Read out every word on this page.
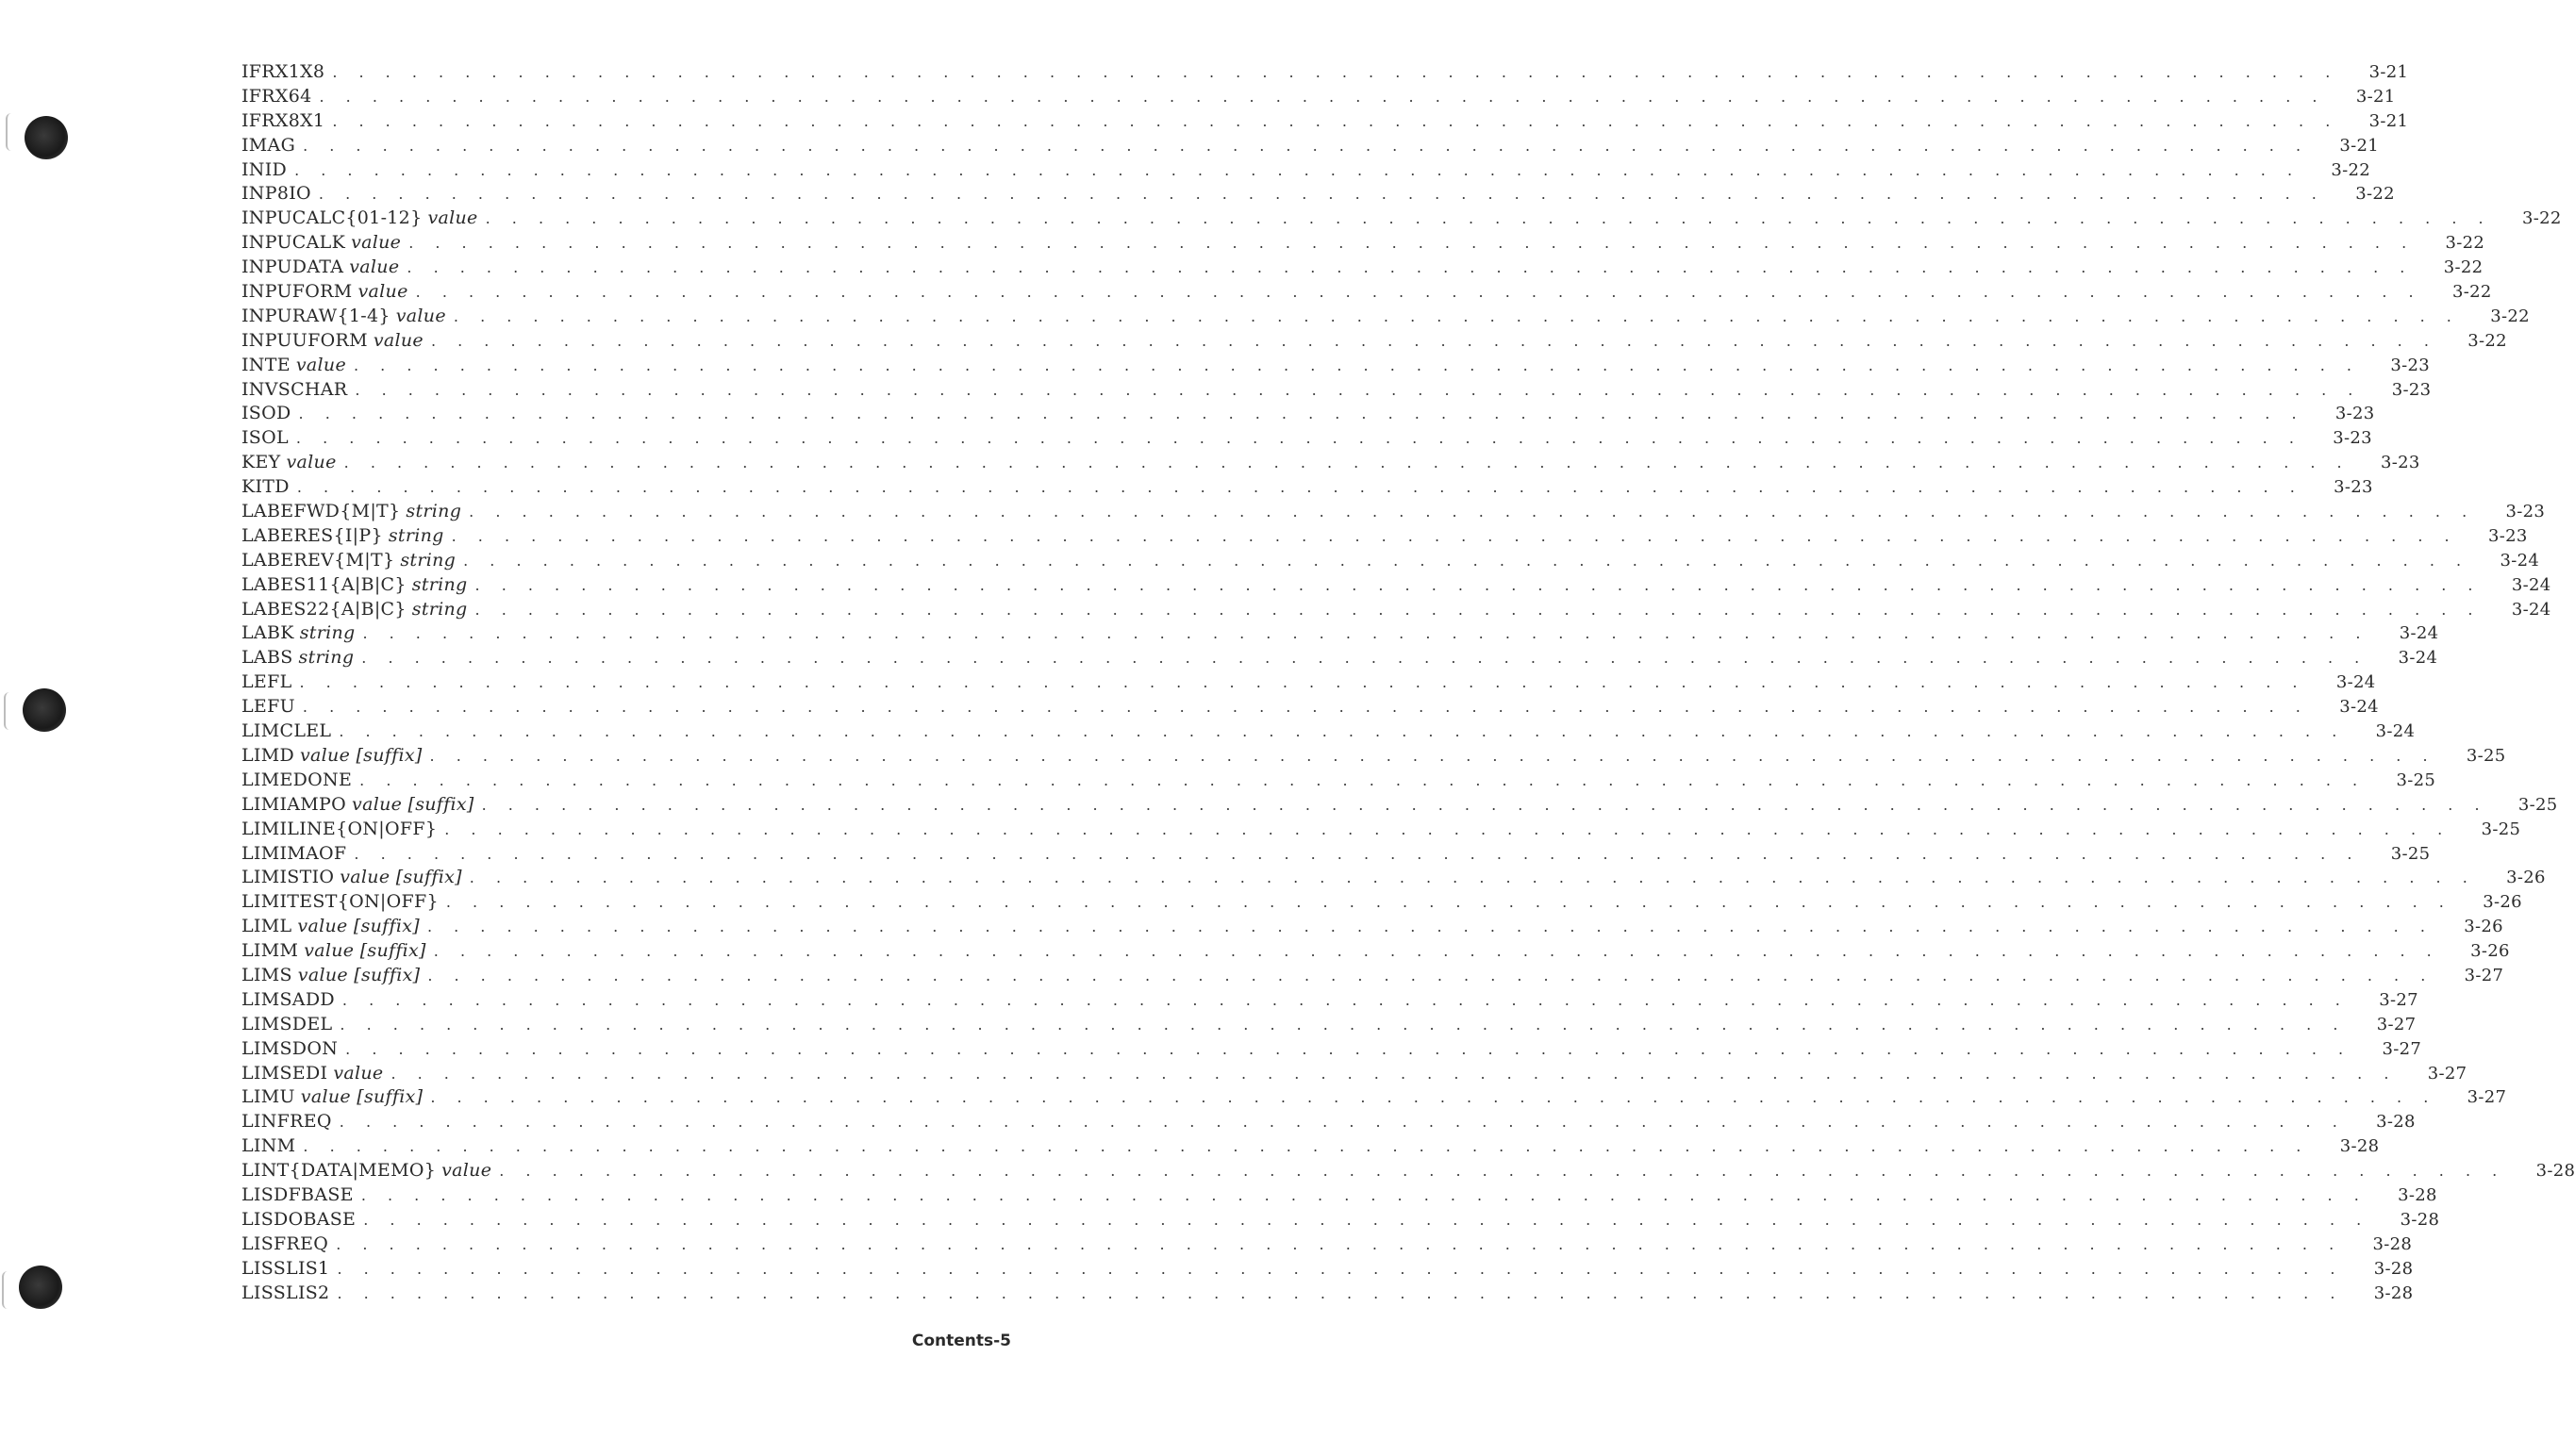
IFRX1X8 . . . . . . . . . . . . . . . . . . . . . . . . . . . . . . . . . . . . . . . . . . . . . . . . . . . . . . . . . . . . . . . . . . . . . . . . . . . . 3-21
IFRX64 . . . . . . . . . . . . . . . . . . . . . . . . . . . . . . . . . . . . . . . . . . . . . . . . . . . . . . . . . . . . . . . . . . . . . . . . . . . . 3-21
IFRX8X1 . . . . . . . . . . . . . . . . . . . . . . . . . . . . . . . . . . . . . . . . . . . . . . . . . . . . . . . . . . . . . . . . . . . . . . . . . . . . 3-21
IMAG . . . . . . . . . . . . . . . . . . . . . . . . . . . . . . . . . . . . . . . . . . . . . . . . . . . . . . . . . . . . . . . . . . . . . . . . . . . . 3-21
INID . . . . . . . . . . . . . . . . . . . . . . . . . . . . . . . . . . . . . . . . . . . . . . . . . . . . . . . . . . . . . . . . . . . . . . . . . . . . 3-22
INP8IO . . . . . . . . . . . . . . . . . . . . . . . . . . . . . . . . . . . . . . . . . . . . . . . . . . . . . . . . . . . . . . . . . . . . . . . . . . . . 3-22
INPUCALC{01-12} value . . . . . . . . . . . . . . . . . . . . . . . . . . . . . . . . . . . . . . . . . . . . . . . . . . . . . . . . . . . . . . . . . . . . . . . . . . . . 3-22
INPUCALK value . . . . . . . . . . . . . . . . . . . . . . . . . . . . . . . . . . . . . . . . . . . . . . . . . . . . . . . . . . . . . . . . . . . . . . . . . . . . 3-22
INPUDATA value . . . . . . . . . . . . . . . . . . . . . . . . . . . . . . . . . . . . . . . . . . . . . . . . . . . . . . . . . . . . . . . . . . . . . . . . . . . . 3-22
INPUFORM value . . . . . . . . . . . . . . . . . . . . . . . . . . . . . . . . . . . . . . . . . . . . . . . . . . . . . . . . . . . . . . . . . . . . . . . . . . . . 3-22
INPURAW{1-4} value . . . . . . . . . . . . . . . . . . . . . . . . . . . . . . . . . . . . . . . . . . . . . . . . . . . . . . . . . . . . . . . . . . . . . . . . . . . . 3-22
INPUUFORM value . . . . . . . . . . . . . . . . . . . . . . . . . . . . . . . . . . . . . . . . . . . . . . . . . . . . . . . . . . . . . . . . . . . . . . . . . . . . 3-22
INTE value . . . . . . . . . . . . . . . . . . . . . . . . . . . . . . . . . . . . . . . . . . . . . . . . . . . . . . . . . . . . . . . . . . . . . . . . . . . . 3-23
INVSCHAR . . . . . . . . . . . . . . . . . . . . . . . . . . . . . . . . . . . . . . . . . . . . . . . . . . . . . . . . . . . . . . . . . . . . . . . . . . . . 3-23
ISOD . . . . . . . . . . . . . . . . . . . . . . . . . . . . . . . . . . . . . . . . . . . . . . . . . . . . . . . . . . . . . . . . . . . . . . . . . . . . 3-23
ISOL . . . . . . . . . . . . . . . . . . . . . . . . . . . . . . . . . . . . . . . . . . . . . . . . . . . . . . . . . . . . . . . . . . . . . . . . . . . . 3-23
KEY value . . . . . . . . . . . . . . . . . . . . . . . . . . . . . . . . . . . . . . . . . . . . . . . . . . . . . . . . . . . . . . . . . . . . . . . . . . . . 3-23
KITD . . . . . . . . . . . . . . . . . . . . . . . . . . . . . . . . . . . . . . . . . . . . . . . . . . . . . . . . . . . . . . . . . . . . . . . . . . . . 3-23
LABEFWD{M|T} string . . . . . . . . . . . . . . . . . . . . . . . . . . . . . . . . . . . . . . . . . . . . . . . . . . . . . . . . . . . . . . . . . . . . . . . . . . . . 3-23
LABERES{I|P} string . . . . . . . . . . . . . . . . . . . . . . . . . . . . . . . . . . . . . . . . . . . . . . . . . . . . . . . . . . . . . . . . . . . . . . . . . . . . 3-23
LABEREV{M|T} string . . . . . . . . . . . . . . . . . . . . . . . . . . . . . . . . . . . . . . . . . . . . . . . . . . . . . . . . . . . . . . . . . . . . . . . . . . . . 3-24
LABES11{A|B|C} string . . . . . . . . . . . . . . . . . . . . . . . . . . . . . . . . . . . . . . . . . . . . . . . . . . . . . . . . . . . . . . . . . . . . . . . . . . . . 3-24
LABES22{A|B|C} string . . . . . . . . . . . . . . . . . . . . . . . . . . . . . . . . . . . . . . . . . . . . . . . . . . . . . . . . . . . . . . . . . . . . . . . . . . . . 3-24
LABK string . . . . . . . . . . . . . . . . . . . . . . . . . . . . . . . . . . . . . . . . . . . . . . . . . . . . . . . . . . . . . . . . . . . . . . . . . . . . 3-24
LABS string . . . . . . . . . . . . . . . . . . . . . . . . . . . . . . . . . . . . . . . . . . . . . . . . . . . . . . . . . . . . . . . . . . . . . . . . . . . . 3-24
LEFL . . . . . . . . . . . . . . . . . . . . . . . . . . . . . . . . . . . . . . . . . . . . . . . . . . . . . . . . . . . . . . . . . . . . . . . . . . . . 3-24
LEFU . . . . . . . . . . . . . . . . . . . . . . . . . . . . . . . . . . . . . . . . . . . . . . . . . . . . . . . . . . . . . . . . . . . . . . . . . . . . 3-24
LIMCLEL . . . . . . . . . . . . . . . . . . . . . . . . . . . . . . . . . . . . . . . . . . . . . . . . . . . . . . . . . . . . . . . . . . . . . . . . . . . . 3-24
LIMD value [suffix] . . . . . . . . . . . . . . . . . . . . . . . . . . . . . . . . . . . . . . . . . . . . . . . . . . . . . . . . . . . . . . . . . . . . . . . . . . . . 3-25
LIMEDONE . . . . . . . . . . . . . . . . . . . . . . . . . . . . . . . . . . . . . . . . . . . . . . . . . . . . . . . . . . . . . . . . . . . . . . . . . . . . 3-25
LIMIAMPO value [suffix] . . . . . . . . . . . . . . . . . . . . . . . . . . . . . . . . . . . . . . . . . . . . . . . . . . . . . . . . . . . . . . . . . . . . . . . . . . . . 3-25
LIMILINE{ON|OFF} . . . . . . . . . . . . . . . . . . . . . . . . . . . . . . . . . . . . . . . . . . . . . . . . . . . . . . . . . . . . . . . . . . . . . . . . . . . . 3-25
LIMIMAOF . . . . . . . . . . . . . . . . . . . . . . . . . . . . . . . . . . . . . . . . . . . . . . . . . . . . . . . . . . . . . . . . . . . . . . . . . . . . 3-25
LIMISTIO value [suffix] . . . . . . . . . . . . . . . . . . . . . . . . . . . . . . . . . . . . . . . . . . . . . . . . . . . . . . . . . . . . . . . . . . . . . . . . . . . . 3-26
LIMITEST{ON|OFF} . . . . . . . . . . . . . . . . . . . . . . . . . . . . . . . . . . . . . . . . . . . . . . . . . . . . . . . . . . . . . . . . . . . . . . . . . . . . 3-26
LIML value [suffix] . . . . . . . . . . . . . . . . . . . . . . . . . . . . . . . . . . . . . . . . . . . . . . . . . . . . . . . . . . . . . . . . . . . . . . . . . . . . 3-26
LIMM value [suffix] . . . . . . . . . . . . . . . . . . . . . . . . . . . . . . . . . . . . . . . . . . . . . . . . . . . . . . . . . . . . . . . . . . . . . . . . . . . . 3-26
LIMS value [suffix] . . . . . . . . . . . . . . . . . . . . . . . . . . . . . . . . . . . . . . . . . . . . . . . . . . . . . . . . . . . . . . . . . . . . . . . . . . . . 3-27
LIMSADD . . . . . . . . . . . . . . . . . . . . . . . . . . . . . . . . . . . . . . . . . . . . . . . . . . . . . . . . . . . . . . . . . . . . . . . . . . . . 3-27
LIMSDEL . . . . . . . . . . . . . . . . . . . . . . . . . . . . . . . . . . . . . . . . . . . . . . . . . . . . . . . . . . . . . . . . . . . . . . . . . . . . 3-27
LIMSDON . . . . . . . . . . . . . . . . . . . . . . . . . . . . . . . . . . . . . . . . . . . . . . . . . . . . . . . . . . . . . . . . . . . . . . . . . . . . 3-27
LIMSEDI value . . . . . . . . . . . . . . . . . . . . . . . . . . . . . . . . . . . . . . . . . . . . . . . . . . . . . . . . . . . . . . . . . . . . . . . . . . . . 3-27
LIMU value [suffix] . . . . . . . . . . . . . . . . . . . . . . . . . . . . . . . . . . . . . . . . . . . . . . . . . . . . . . . . . . . . . . . . . . . . . . . . . . . . 3-27
LINFREQ . . . . . . . . . . . . . . . . . . . . . . . . . . . . . . . . . . . . . . . . . . . . . . . . . . . . . . . . . . . . . . . . . . . . . . . . . . . . 3-28
LINM . . . . . . . . . . . . . . . . . . . . . . . . . . . . . . . . . . . . . . . . . . . . . . . . . . . . . . . . . . . . . . . . . . . . . . . . . . . . 3-28
LINT{DATA|MEMO} value . . . . . . . . . . . . . . . . . . . . . . . . . . . . . . . . . . . . . . . . . . . . . . . . . . . . . . . . . . . . . . . . . . . . . . . . . . . . 3-28
LISDFBASE . . . . . . . . . . . . . . . . . . . . . . . . . . . . . . . . . . . . . . . . . . . . . . . . . . . . . . . . . . . . . . . . . . . . . . . . . . . . 3-28
LISDOBASE . . . . . . . . . . . . . . . . . . . . . . . . . . . . . . . . . . . . . . . . . . . . . . . . . . . . . . . . . . . . . . . . . . . . . . . . . . . . 3-28
LISFREQ . . . . . . . . . . . . . . . . . . . . . . . . . . . . . . . . . . . . . . . . . . . . . . . . . . . . . . . . . . . . . . . . . . . . . . . . . . . . 3-28
LISSLIS1 . . . . . . . . . . . . . . . . . . . . . . . . . . . . . . . . . . . . . . . . . . . . . . . . . . . . . . . . . . . . . . . . . . . . . . . . . . . . 3-28
LISSLIS2 . . . . . . . . . . . . . . . . . . . . . . . . . . . . . . . . . . . . . . . . . . . . . . . . . . . . . . . . . . . . . . . . . . . . . . . . . . . . 3-28
Contents-5
